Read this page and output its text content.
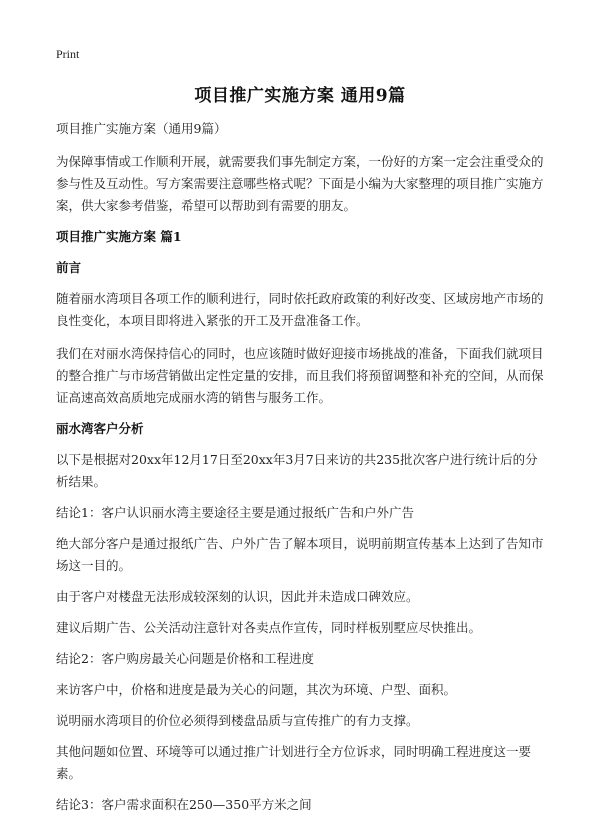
Print
项目推广实施方案 通用9篇

项目推广实施方案（通用9篇）

为保障事情或工作顺利开展，就需要我们事先制定方案，一份好的方案一定会注重受众的参与性及互动性。写方案需要注意哪些格式呢？下面是小编为大家整理的项目推广实施方案，供大家参考借鉴，希望可以帮助到有需要的朋友。

项目推广实施方案 篇1

前言

随着丽水湾项目各项工作的顺利进行，同时依托政府政策的利好改变、区域房地产市场的良性变化，本项目即将进入紧张的开工及开盘准备工作。

我们在对丽水湾保持信心的同时，也应该随时做好迎接市场挑战的准备，下面我们就项目的整合推广与市场营销做出定性定量的安排，而且我们将预留调整和补充的空间，从而保证高速高效高质地完成丽水湾的销售与服务工作。

丽水湾客户分析

以下是根据对20xx年12月17日至20xx年3月7日来访的共235批次客户进行统计后的分析结果。

结论1：客户认识丽水湾主要途径主要是通过报纸广告和户外广告

绝大部分客户是通过报纸广告、户外广告了解本项目，说明前期宣传基本上达到了告知市场这一目的。

由于客户对楼盘无法形成较深刻的认识，因此并未造成口碑效应。

建议后期广告、公关活动注意针对各卖点作宣传，同时样板别墅应尽快推出。

结论2：客户购房最关心问题是价格和工程进度

来访客户中，价格和进度是最为关心的问题，其次为环境、户型、面积。

说明丽水湾项目的价位必须得到楼盘品质与宣传推广的有力支撑。

其他问题如位置、环境等可以通过推广计划进行全方位诉求，同时明确工程进度这一要素。

结论3：客户需求面积在250—350平方米之间
